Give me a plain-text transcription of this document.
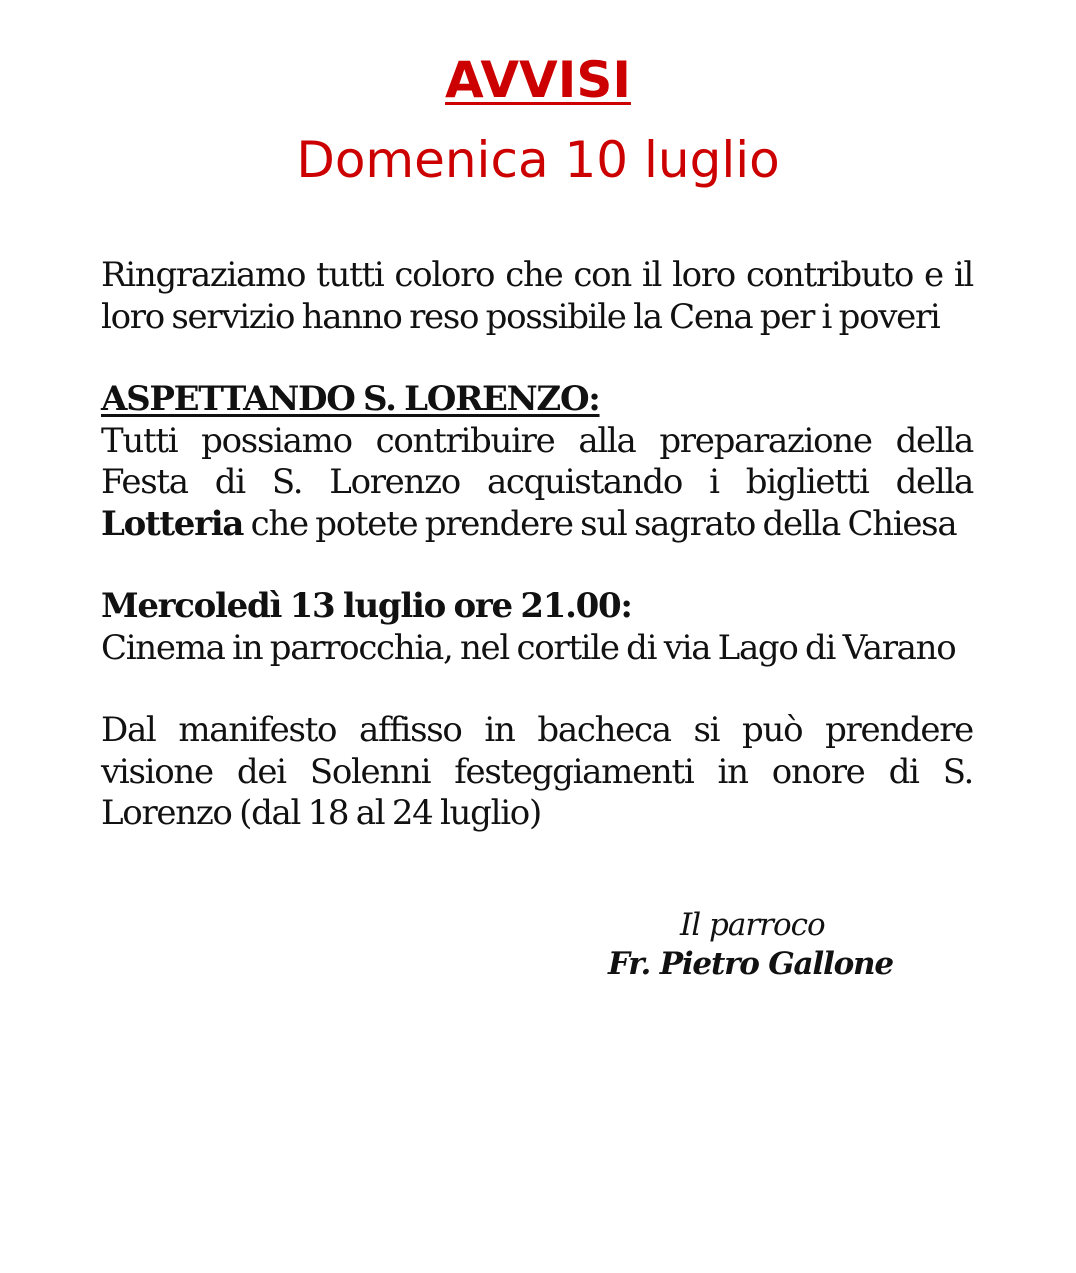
AVVISI
Domenica 10 luglio

Ringraziamo tutti coloro che con il loro contributo e il loro servizio hanno reso possibile la Cena per i poveri

ASPETTANDO S. LORENZO:

Tutti possiamo contribuire alla preparazione della Festa di S. Lorenzo acquistando i biglietti della Lotteria che potete prendere sul sagrato della Chiesa

Mercoledì 13 luglio ore 21.00:

Cinema in parrocchia, nel cortile di via Lago di Varano

Dal manifesto affisso in bacheca si può prendere visione dei Solenni festeggiamenti in onore di S. Lorenzo (dal 18 al 24 luglio)

Il parroco
Fr. Pietro Gallone
